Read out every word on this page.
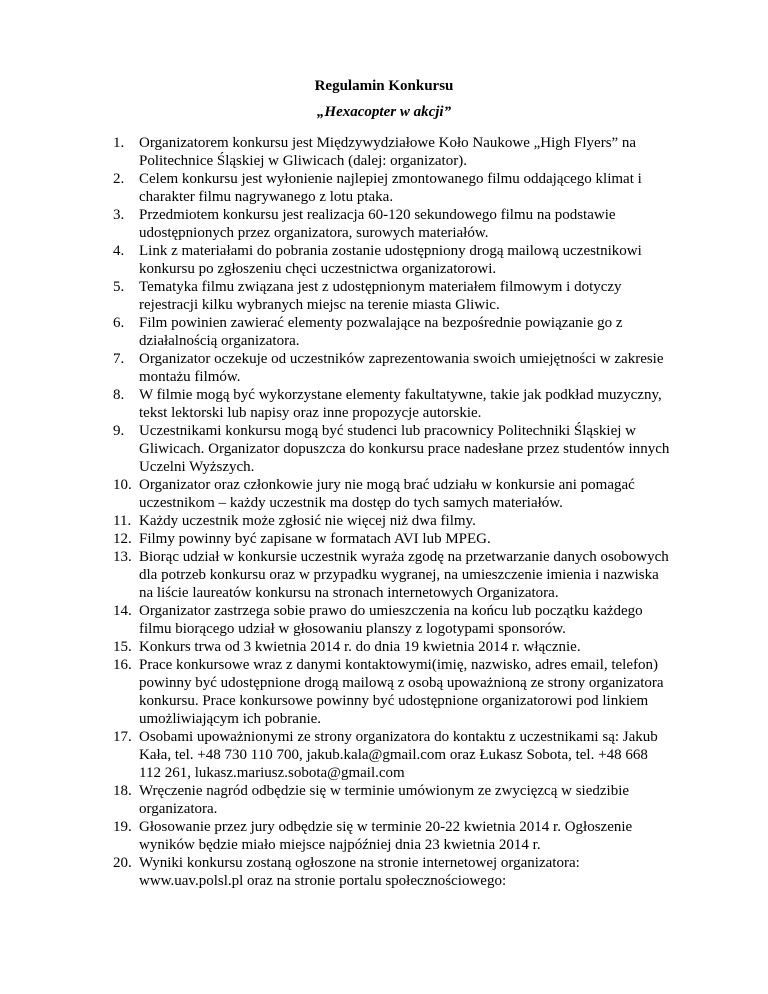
Regulamin Konkursu
„Hexacopter w akcji”
1. Organizatorem konkursu jest Międzywydziałowe Koło Naukowe „High Flyers” na Politechnice Śląskiej w Gliwicach (dalej: organizator).
2. Celem konkursu jest wyłonienie najlepiej zmontowanego filmu oddającego klimat i charakter filmu nagrywanego z lotu ptaka.
3. Przedmiotem konkursu jest realizacja 60-120 sekundowego filmu na podstawie udostępnionych przez organizatora, surowych materiałów.
4. Link z materiałami do pobrania zostanie udostępniony drogą mailową uczestnikowi konkursu po zgłoszeniu chęci uczestnictwa organizatorowi.
5. Tematyka filmu związana jest z udostępnionym materiałem filmowym i dotyczy rejestracji kilku wybranych miejsc na terenie miasta Gliwic.
6. Film powinien zawierać elementy pozwalające na bezpośrednie powiązanie go z działalnością organizatora.
7. Organizator oczekuje od uczestników zaprezentowania swoich umiejętności w zakresie montażu filmów.
8. W filmie mogą być wykorzystane elementy fakultatywne, takie jak podkład muzyczny, tekst lektorski lub napisy oraz inne propozycje autorskie.
9. Uczestnikami konkursu mogą być studenci lub pracownicy Politechniki Śląskiej w Gliwicach. Organizator dopuszcza do konkursu prace nadesłane przez studentów innych Uczelni Wyższych.
10. Organizator oraz członkowie jury nie mogą brać udziału w konkursie ani pomagać uczestnikom – każdy uczestnik ma dostęp do tych samych materiałów.
11. Każdy uczestnik może zgłosić nie więcej niż dwa filmy.
12. Filmy powinny być zapisane w formatach AVI lub MPEG.
13. Biorąc udział w konkursie uczestnik wyraża zgodę na przetwarzanie danych osobowych dla potrzeb konkursu oraz w przypadku wygranej, na umieszczenie imienia i nazwiska na liście laureatów konkursu na stronach internetowych Organizatora.
14. Organizator zastrzega sobie prawo do umieszczenia na końcu lub początku każdego filmu biorącego udział w głosowaniu planszy z logotypami sponsorów.
15. Konkurs trwa od 3 kwietnia 2014 r. do dnia 19 kwietnia 2014 r. włącznie.
16. Prace konkursowe wraz z danymi kontaktowymi(imię, nazwisko, adres email, telefon) powinny być udostępnione drogą mailową z osobą upoważnioną ze strony organizatora konkursu. Prace konkursowe powinny być udostępnione organizatorowi pod linkiem umożliwiającym ich pobranie.
17. Osobami upoważnionymi ze strony organizatora do kontaktu z uczestnikami są: Jakub Kała, tel. +48 730 110 700, jakub.kala@gmail.com oraz Łukasz Sobota, tel. +48 668 112 261, lukasz.mariusz.sobota@gmail.com
18. Wręczenie nagród odbędzie się w terminie umówionym ze zwycięzcą w siedzibie organizatora.
19. Głosowanie przez jury odbędzie się w terminie 20-22 kwietnia 2014 r. Ogłoszenie wyników będzie miało miejsce najpóźniej dnia 23 kwietnia 2014 r.
20. Wyniki konkursu zostaną ogłoszone na stronie internetowej organizatora: www.uav.polsl.pl oraz na stronie portalu społecznościowego:
